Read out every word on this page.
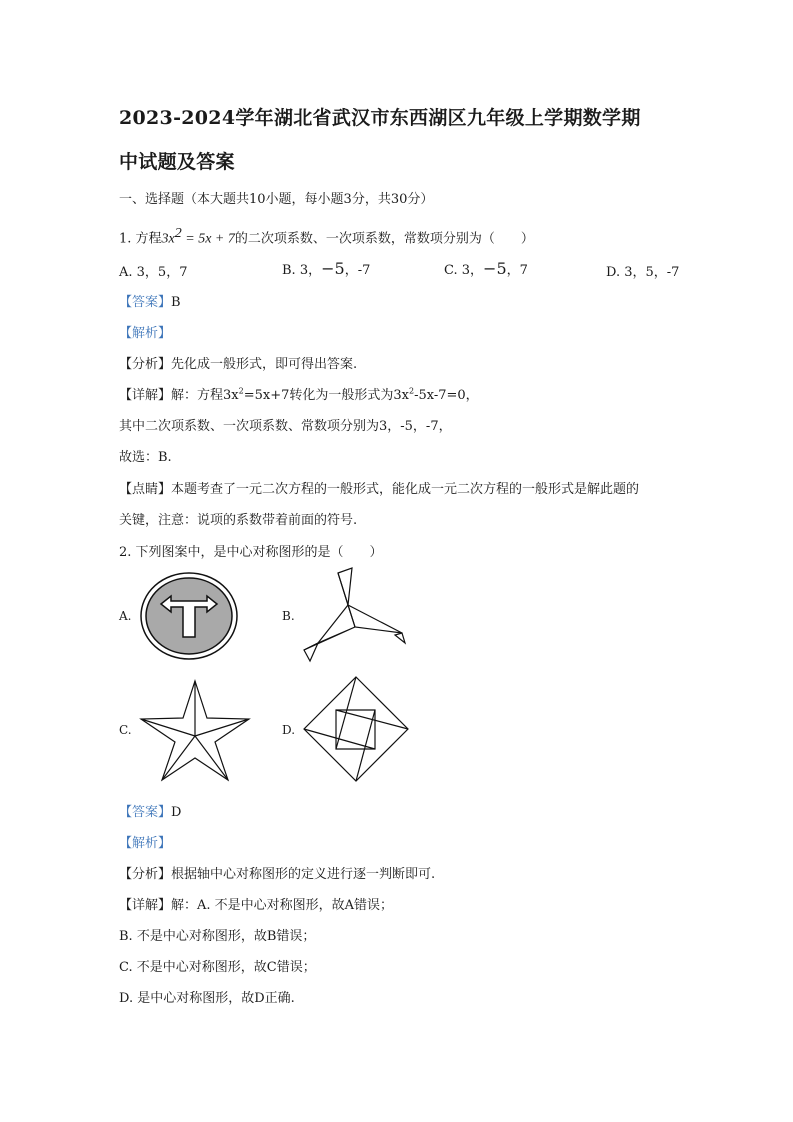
2023-2024学年湖北省武汉市东西湖区九年级上学期数学期
中试题及答案
一、选择题（本大题共10小题，每小题3分，共30分）
1. 方程$3x^2 = 5x + 7$的二次项系数、一次项系数，常数项分别为（　　）
A. 3，5，7	B. 3，−5，-7	C. 3，−5，7	D. 3，5，-7
【答案】B
【解析】
【分析】先化成一般形式，即可得出答案.
【详解】解：方程$3x^2=5x+7$转化为一般形式为$3x^2-5x-7=0$，
其中二次项系数、一次项系数、常数项分别为3，-5，-7，
故选：B.
【点睛】本题考查了一元二次方程的一般形式，能化成一元二次方程的一般形式是解此题的
关键，注意：说项的系数带着前面的符号.
2. 下列图案中，是中心对称图形的是（　　）
A.	B.
C.	D.
【答案】D
【解析】
【分析】根据轴中心对称图形的定义进行逐一判断即可.
【详解】解：A. 不是中心对称图形，故A错误；
B. 不是中心对称图形，故B错误；
C. 不是中心对称图形，故C错误；
D. 是中心对称图形，故D正确.
